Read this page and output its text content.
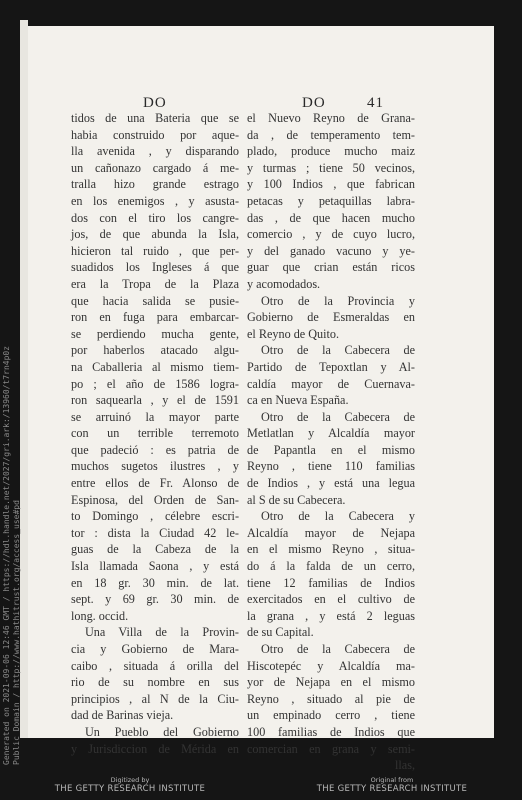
DO	DO	41
tidos de una Bateria que se
habia construido por aque-
lla avenida , y disparando
un cañonazo cargado á me-
tralla hizo grande estrago
en los enemigos , y asusta-
dos con el tiro los cangre-
jos, de que abunda la Isla,
hicieron tal ruido , que per-
suadidos los Ingleses á que
era la Tropa de la Plaza
que hacia salida se pusie-
ron en fuga para embarcar-
se perdiendo mucha gente,
por haberlos atacado algu-
na Caballeria al mismo tiem-
po ; el año de 1586 logra-
ron saquearla , y el de 1591
se arruinó la mayor parte
con un terrible terremoto
que padeció : es patria de
muchos sugetos ilustres , y
entre ellos de Fr. Alonso de
Espinosa, del Orden de San-
to Domingo , célebre escri-
tor : dista la Ciudad 42 le-
guas de la Cabeza de la
Isla llamada Saona , y está
en 18 gr. 30 min. de lat.
sept. y 69 gr. 30 min. de
long. occid.
Una Villa de la Provin-
cia y Gobierno de Mara-
caibo , situada á orilla del
rio de su nombre en sus
principios , al N de la Ciu-
dad de Barinas vieja.
Un Pueblo del Gobierno
y Jurisdiccion de Mérida en
el Nuevo Reyno de Grana-
da , de temperamento tem-
plado, produce mucho maiz
y turmas ; tiene 50 vecinos,
y 100 Indios , que fabrican
petacas y petaquillas labra-
das , de que hacen mucho
comercio , y de cuyo lucro,
y del ganado vacuno y ye-
guar que crian están ricos
y acomodados.
Otro de la Provincia y
Gobierno de Esmeraldas en
el Reyno de Quito.
Otro de la Cabecera de
Partido de Tepoxtlan y Al-
caldía mayor de Cuernava-
ca en Nueva España.
Otro de la Cabecera de
Metlatlan y Alcaldía mayor
de Papantla en el mismo
Reyno , tiene 110 familias
de Indios , y está una legua
al S de su Cabecera.
Otro de la Cabecera y
Alcaldía mayor de Nejapa
en el mismo Reyno , situa-
do á la falda de un cerro,
tiene 12 familias de Indios
exercitados en el cultivo de
la grana , y está 2 leguas
de su Capital.
Otro de la Cabecera de
Hiscotepéc y Alcaldía ma-
yor de Nejapa en el mismo
Reyno , situado al pie de
un empinado cerro , tiene
100 familias de Indios que
comercian en grana y semi-
llas,
Generated on 2021-09-06 12:46 GMT / https://hdl.handle.net/2027/gri.ark:/13960/t7rn4p0z
Public Domain / http://www.hathitrust.org/access_use#pd
Digitized by
THE GETTY RESEARCH INSTITUTE
Original from
THE GETTY RESEARCH INSTITUTE
